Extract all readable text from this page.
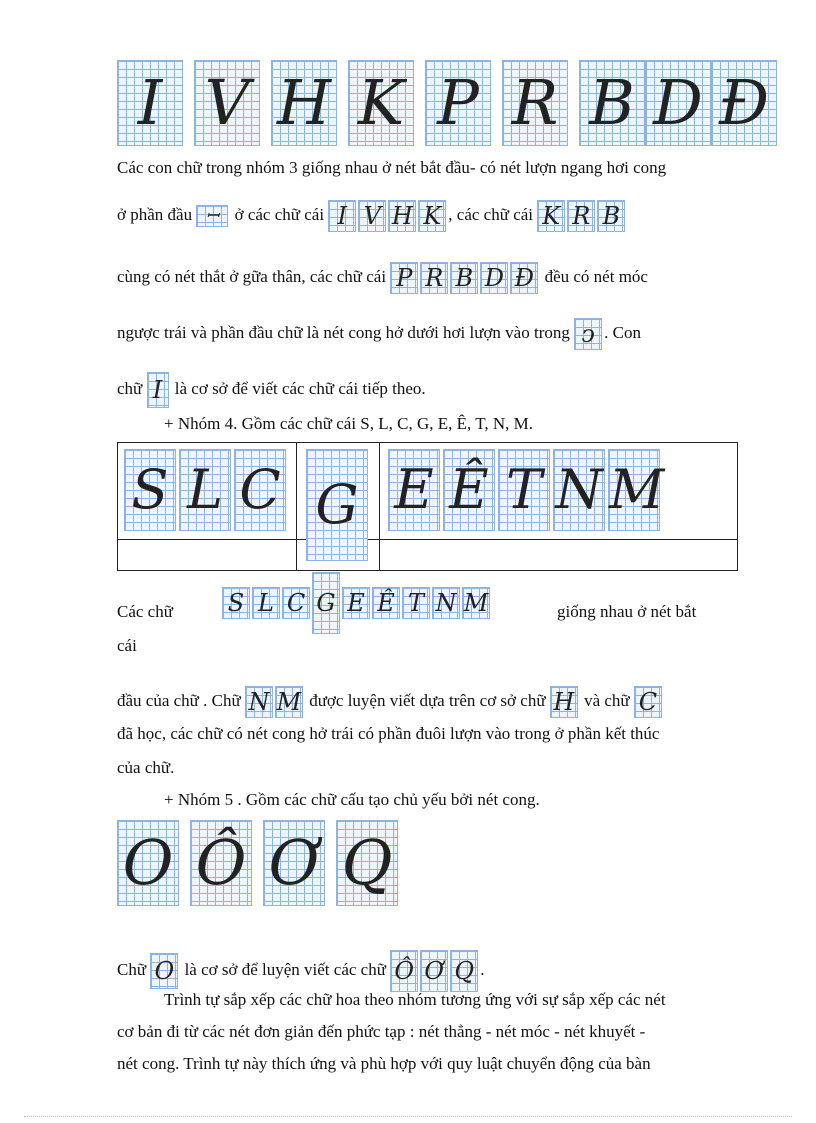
I
V
H
K
P
R
B D Đ
Các con chữ trong nhóm 3 giống nhau ở nét bắt đầu- có nét lượn ngang hơi cong
ở phần đầu ꟷ ở các chữ cái I V H K , các chữ cái K R B
cùng có nét thắt ở gữa thân, các chữ cái P R B D Đ đều có nét móc
ngược trái và phần đầu chữ là nét cong hở dưới hơi lượn vào trong ↄ . Con
chữ I là cơ sở để viết các chữ cái tiếp theo.
+ Nhóm 4. Gồm các chữ cái S, L, C, G, E, Ê, T, N, M.
S L C G E Ê T N M
Các chữ S L C G E Ê T N M	giống nhau ở nét bắt
cái
đầu của chữ . Chữ N M được luyện viết dựa trên cơ sở chữ H và chữ C
đã học, các chữ có nét cong hở trái có phần đuôi lượn vào trong ở phần kết thúc
của chữ.
+ Nhóm 5 . Gồm các chữ cấu tạo chủ yếu bởi nét cong.
O
Ô
Ơ
Q
Chữ O là cơ sở để luyện viết các chữ Ô Ơ Q .
Trình tự sắp xếp các chữ hoa theo nhóm tương ứng với sự sắp xếp các nét
cơ bản đi từ các nét đơn giản đến phức tạp : nét thẳng - nét móc - nét khuyết -
nét cong. Trình tự này thích ứng và phù hợp với quy luật chuyển động của bàn
